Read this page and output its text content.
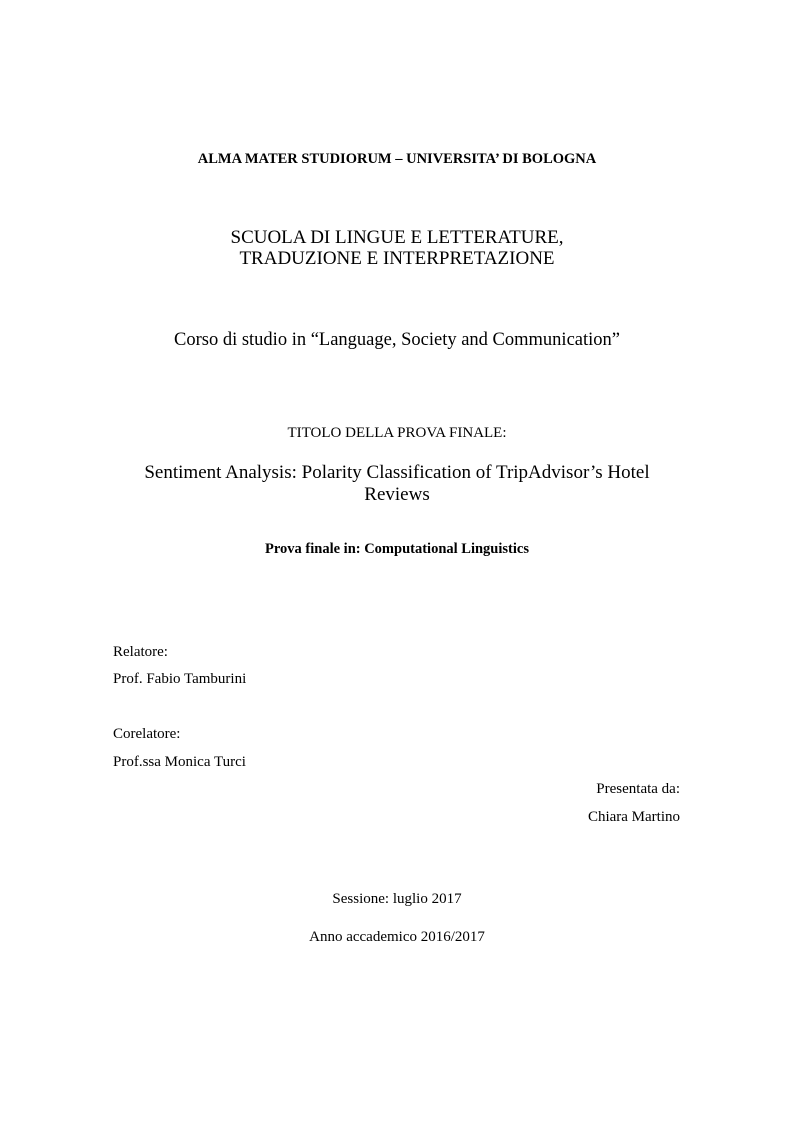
ALMA MATER STUDIORUM – UNIVERSITA’ DI BOLOGNA
SCUOLA DI LINGUE E LETTERATURE,
TRADUZIONE E INTERPRETAZIONE
Corso di studio in “Language, Society and Communication”
TITOLO DELLA PROVA FINALE:
Sentiment Analysis: Polarity Classification of TripAdvisor’s Hotel
Reviews
Prova finale in: Computational Linguistics
Relatore:
Prof. Fabio Tamburini
Corelatore:
Prof.ssa Monica Turci
Presentata da:
Chiara Martino
Sessione: luglio 2017
Anno accademico 2016/2017
